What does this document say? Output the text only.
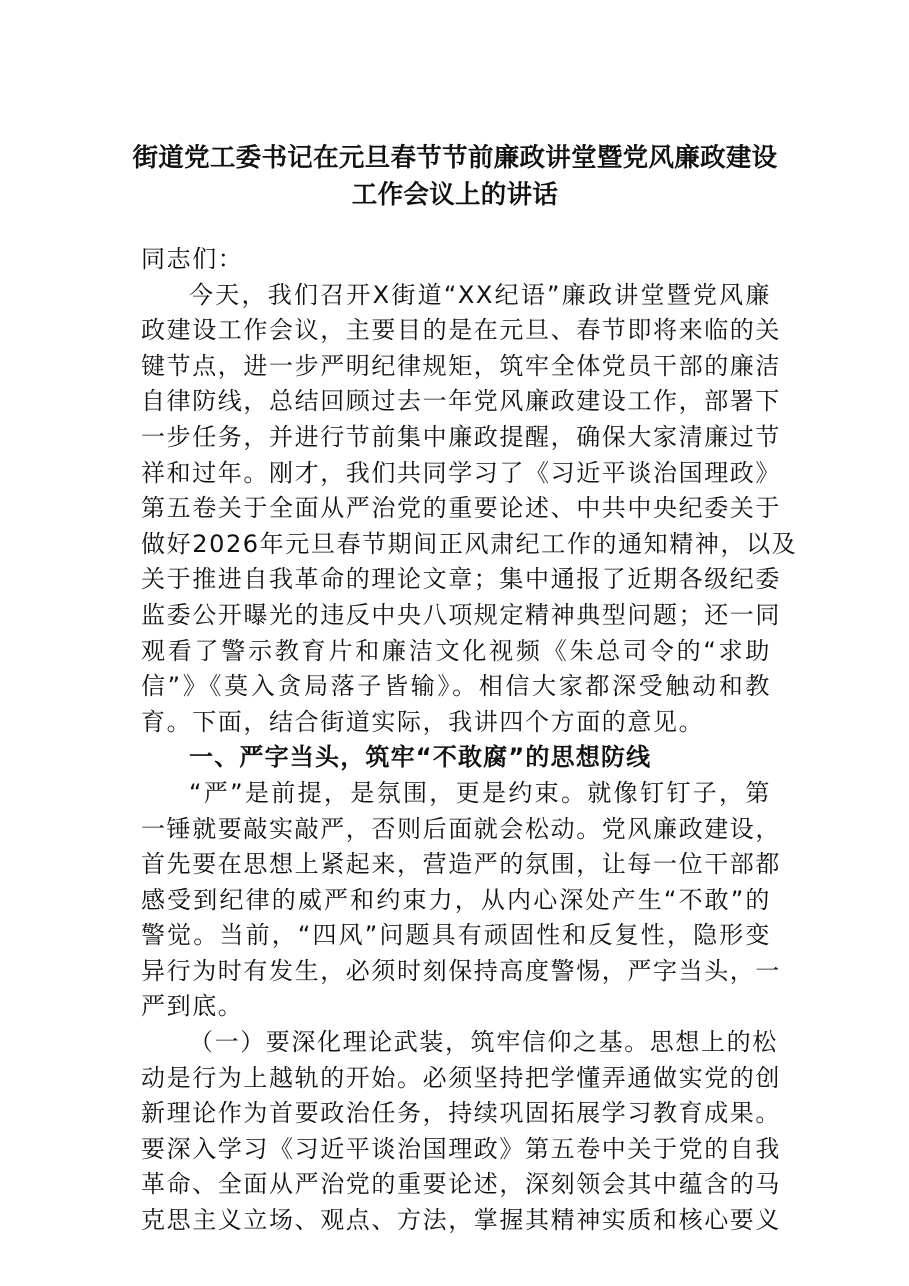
街道党工委书记在元旦春节节前廉政讲堂暨党风廉政建设
工作会议上的讲话
同志们：
今天，我们召开X街道“XX纪语”廉政讲堂暨党风廉
政建设工作会议，主要目的是在元旦、春节即将来临的关
键节点，进一步严明纪律规矩，筑牢全体党员干部的廉洁
自律防线，总结回顾过去一年党风廉政建设工作，部署下
一步任务，并进行节前集中廉政提醒，确保大家清廉过节
祥和过年。刚才，我们共同学习了《习近平谈治国理政》
第五卷关于全面从严治党的重要论述、中共中央纪委关于
做好2026年元旦春节期间正风肃纪工作的通知精神，以及
关于推进自我革命的理论文章；集中通报了近期各级纪委
监委公开曝光的违反中央八项规定精神典型问题；还一同
观看了警示教育片和廉洁文化视频《朱总司令的“求助
信”》《莫入贪局落子皆输》。相信大家都深受触动和教
育。下面，结合街道实际，我讲四个方面的意见。
一、严字当头，筑牢“不敢腐”的思想防线
“严”是前提，是氛围，更是约束。就像钉钉子，第
一锤就要敲实敲严，否则后面就会松动。党风廉政建设，
首先要在思想上紧起来，营造严的氛围，让每一位干部都
感受到纪律的威严和约束力，从内心深处产生“不敢”的
警觉。当前，“四风”问题具有顽固性和反复性，隐形变
异行为时有发生，必须时刻保持高度警惕，严字当头，一
严到底。
（一）要深化理论武装，筑牢信仰之基。思想上的松
动是行为上越轨的开始。必须坚持把学懂弄通做实党的创
新理论作为首要政治任务，持续巩固拓展学习教育成果。
要深入学习《习近平谈治国理政》第五卷中关于党的自我
革命、全面从严治党的重要论述，深刻领会其中蕴含的马
克思主义立场、观点、方法，掌握其精神实质和核心要义
